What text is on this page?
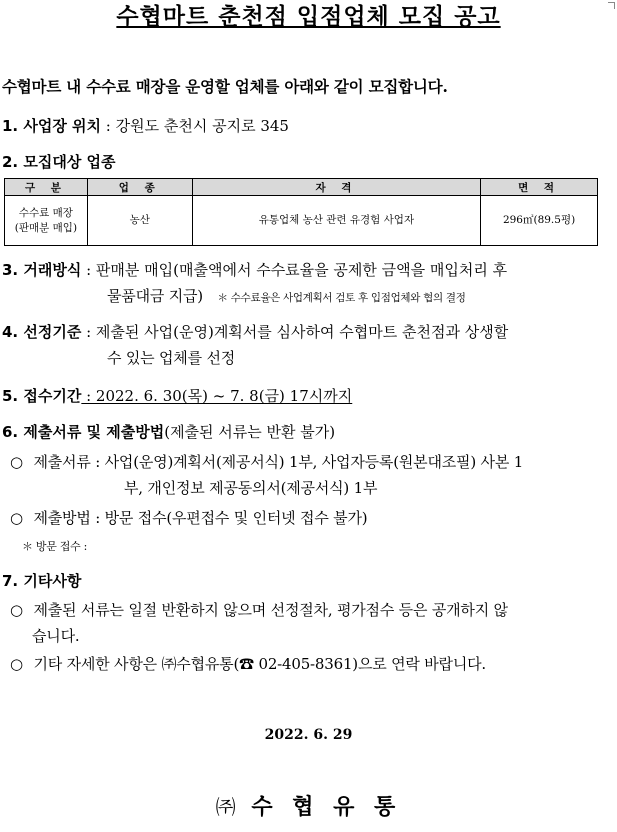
수협마트 춘천점 입점업체 모집 공고
수협마트 내 수수료 매장을 운영할 업체를 아래와 같이 모집합니다.
1. 사업장 위치 : 강원도 춘천시 공지로 345
2. 모집대상 업종
구 분	업 종	자 격	면 적
수수료 매장
(판매분 매입)	농산	유통업체 농산 관련 유경험 사업자	296㎡(89.5평)
3. 거래방식 : 판매분 매입(매출액에서 수수료율을 공제한 금액을 매입처리 후
물품대금 지급) ＊ 수수료율은 사업계획서 검토 후 입점업체와 협의 결정
4. 선정기준 : 제출된 사업(운영)계획서를 심사하여 수협마트 춘천점과 상생할
수 있는 업체를 선정
5. 접수기간 : 2022. 6. 30(목) ~ 7. 8(금) 17시까지
6. 제출서류 및 제출방법(제출된 서류는 반환 불가)
○ 제출서류 : 사업(운영)계획서(제공서식) 1부, 사업자등록(원본대조필) 사본 1
부, 개인정보 제공동의서(제공서식) 1부
○ 제출방법 : 방문 접수(우편접수 및 인터넷 접수 불가)
＊ 방문 접수 :
7. 기타사항
○ 제출된 서류는 일절 반환하지 않으며 선정절차, 평가점수 등은 공개하지 않
습니다.
○ 기타 자세한 사항은 ㈜수협유통(☎ 02-405-8361)으로 연락 바랍니다.
2022. 6. 29
㈜ 수 협 유 통
